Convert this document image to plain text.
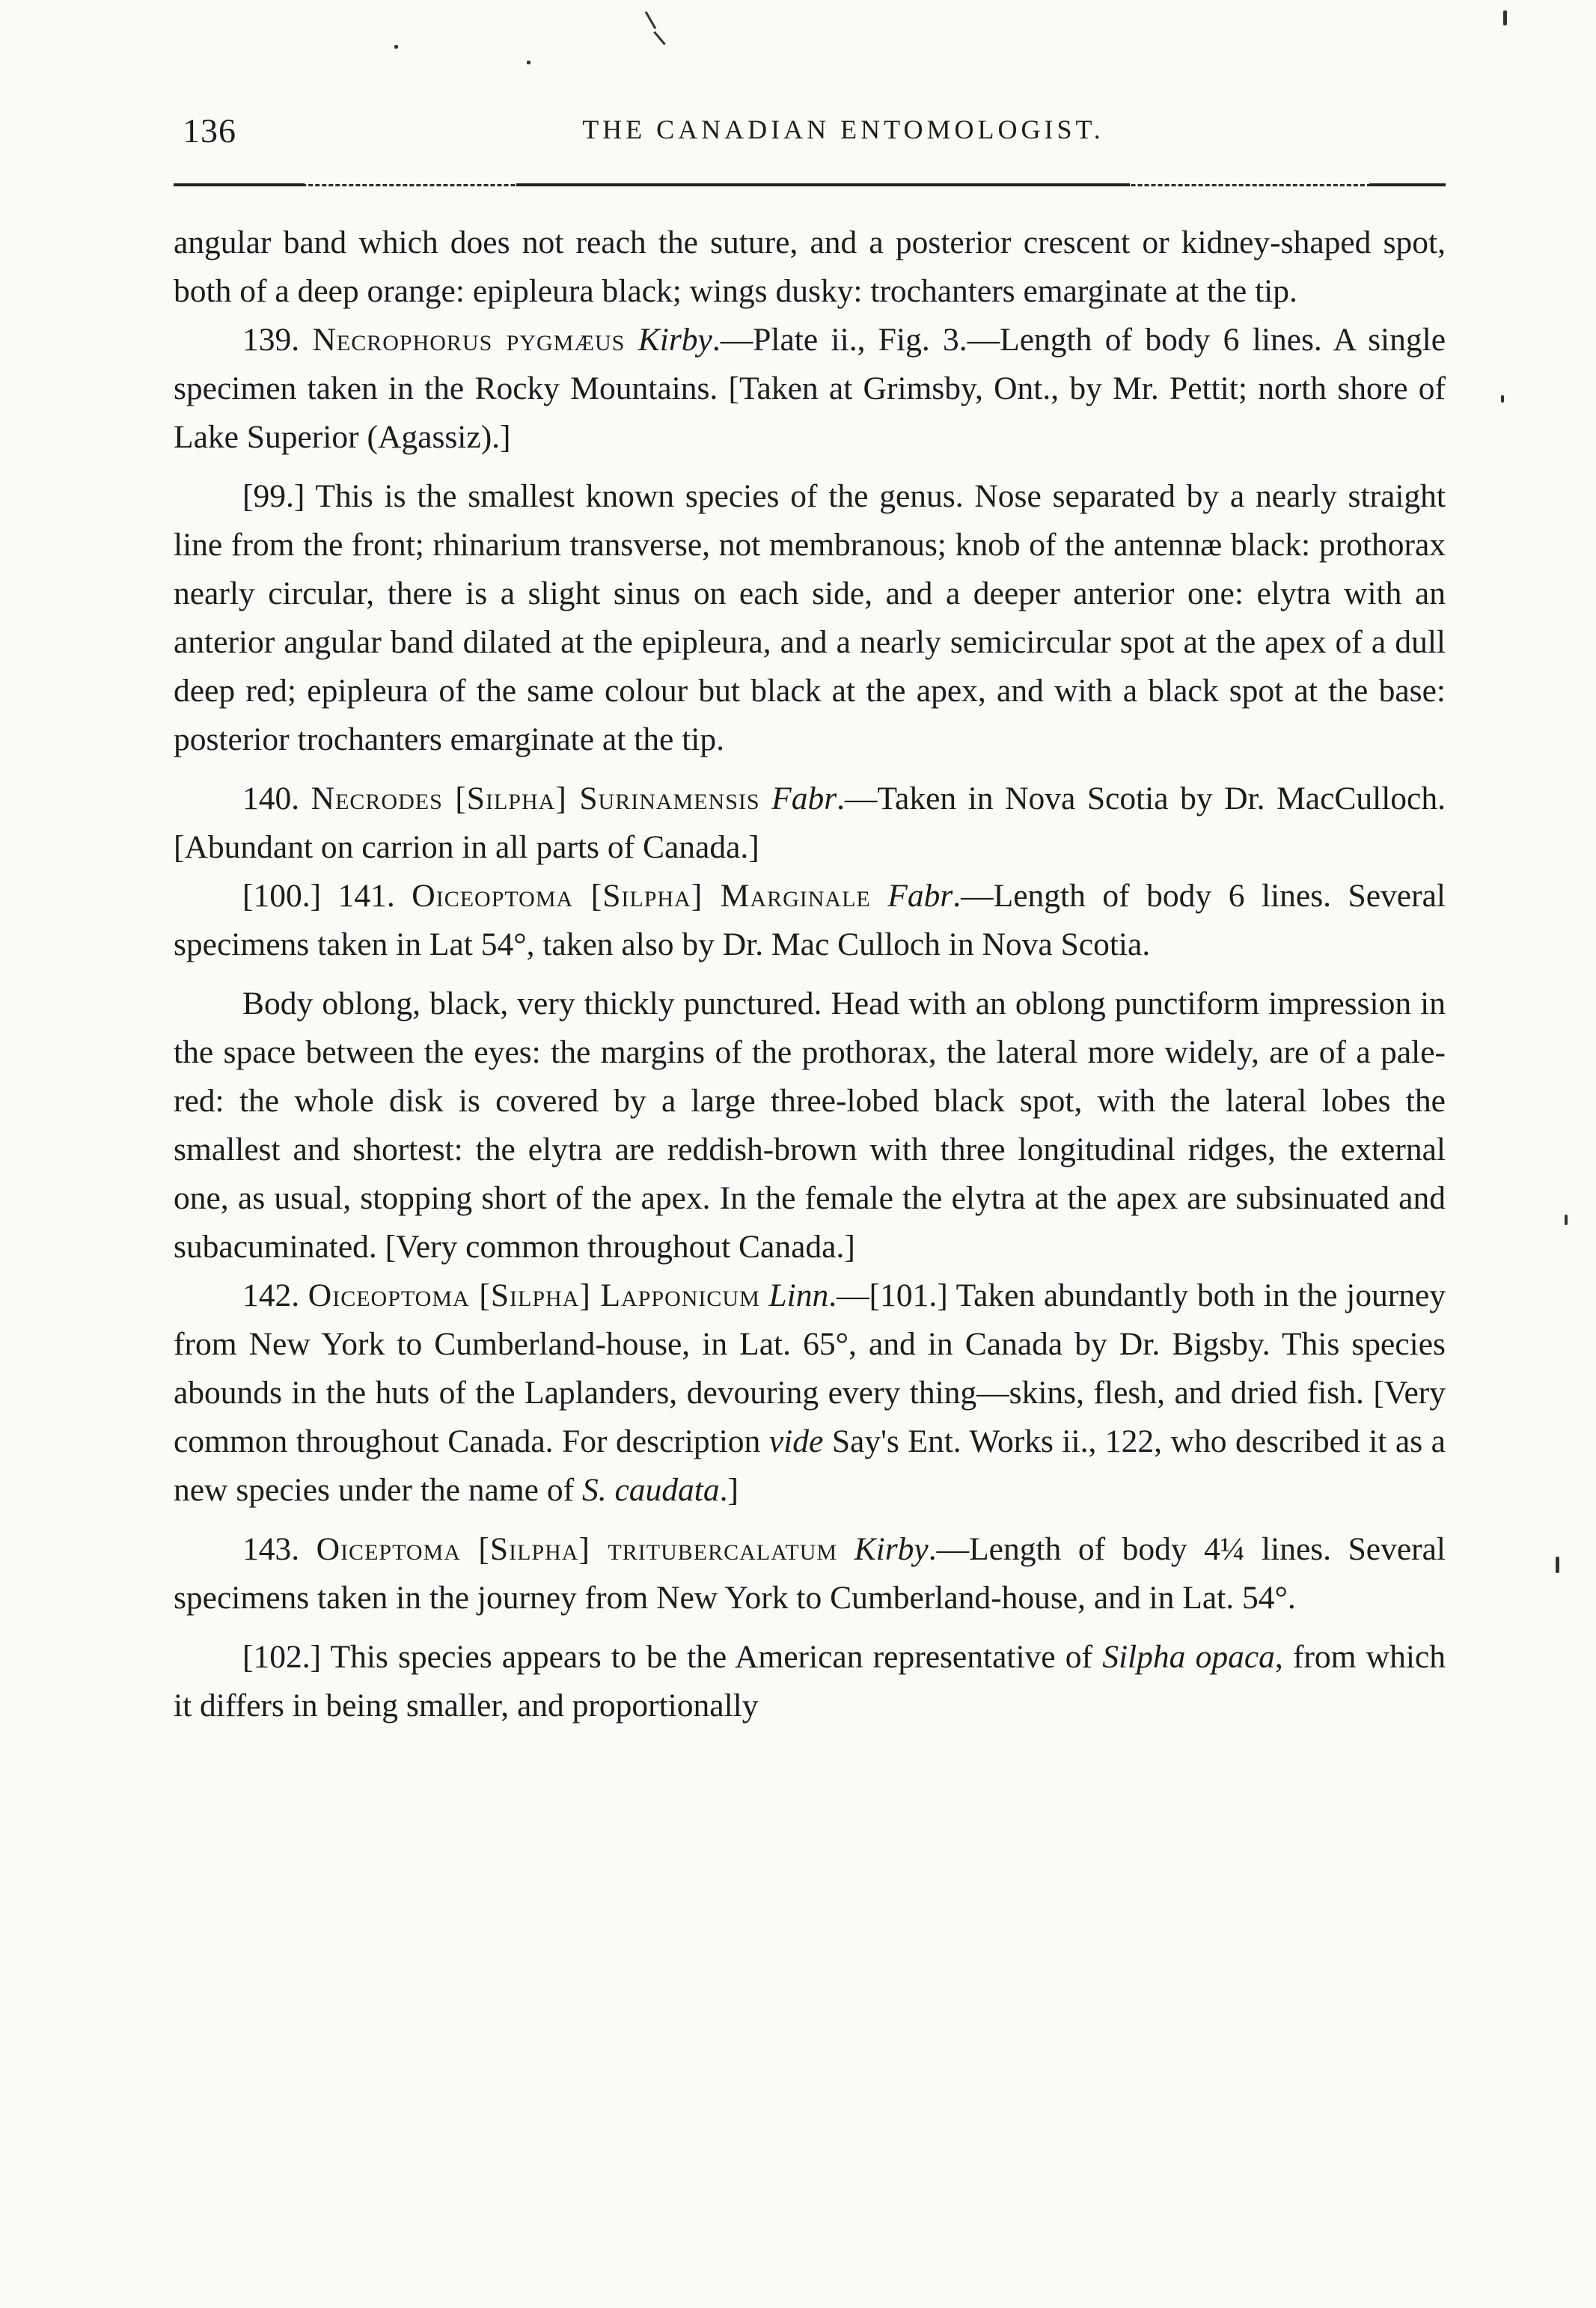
136	THE CANADIAN ENTOMOLOGIST.

angular band which does not reach the suture, and a posterior crescent or kidney-shaped spot, both of a deep orange: epipleura black; wings dusky: trochanters emarginate at the tip.

139. Necrophorus pygmæus Kirby.—Plate ii., Fig. 3.—Length of body 6 lines. A single specimen taken in the Rocky Mountains. [Taken at Grimsby, Ont., by Mr. Pettit; north shore of Lake Superior (Agassiz).]

[99.] This is the smallest known species of the genus. Nose separated by a nearly straight line from the front; rhinarium transverse, not membranous; knob of the antennæ black: prothorax nearly circular, there is a slight sinus on each side, and a deeper anterior one: elytra with an anterior angular band dilated at the epipleura, and a nearly semicircular spot at the apex of a dull deep red; epipleura of the same colour but black at the apex, and with a black spot at the base: posterior trochanters emarginate at the tip.

140. Necrodes [Silpha] Surinamensis Fabr.—Taken in Nova Scotia by Dr. MacCulloch. [Abundant on carrion in all parts of Canada.]

[100.] 141. Oiceoptoma [Silpha] Marginale Fabr.—Length of body 6 lines. Several specimens taken in Lat 54°, taken also by Dr. Mac Culloch in Nova Scotia.

Body oblong, black, very thickly punctured. Head with an oblong punctiform impression in the space between the eyes: the margins of the prothorax, the lateral more widely, are of a pale-red: the whole disk is covered by a large three-lobed black spot, with the lateral lobes the smallest and shortest: the elytra are reddish-brown with three longitudinal ridges, the external one, as usual, stopping short of the apex. In the female the elytra at the apex are subsinuated and subacuminated. [Very common throughout Canada.]

142. Oiceoptoma [Silpha] Lapponicum Linn.—[101.] Taken abundantly both in the journey from New York to Cumberland-house, in Lat. 65°, and in Canada by Dr. Bigsby. This species abounds in the huts of the Laplanders, devouring every thing—skins, flesh, and dried fish. [Very common throughout Canada. For description vide Say's Ent. Works ii., 122, who described it as a new species under the name of S. caudata.]

143. Oiceptoma [Silpha] tritubercalatum Kirby.—Length of body 4¼ lines. Several specimens taken in the journey from New York to Cumberland-house, and in Lat. 54°.

[102.] This species appears to be the American representative of Silpha opaca, from which it differs in being smaller, and proportionally
